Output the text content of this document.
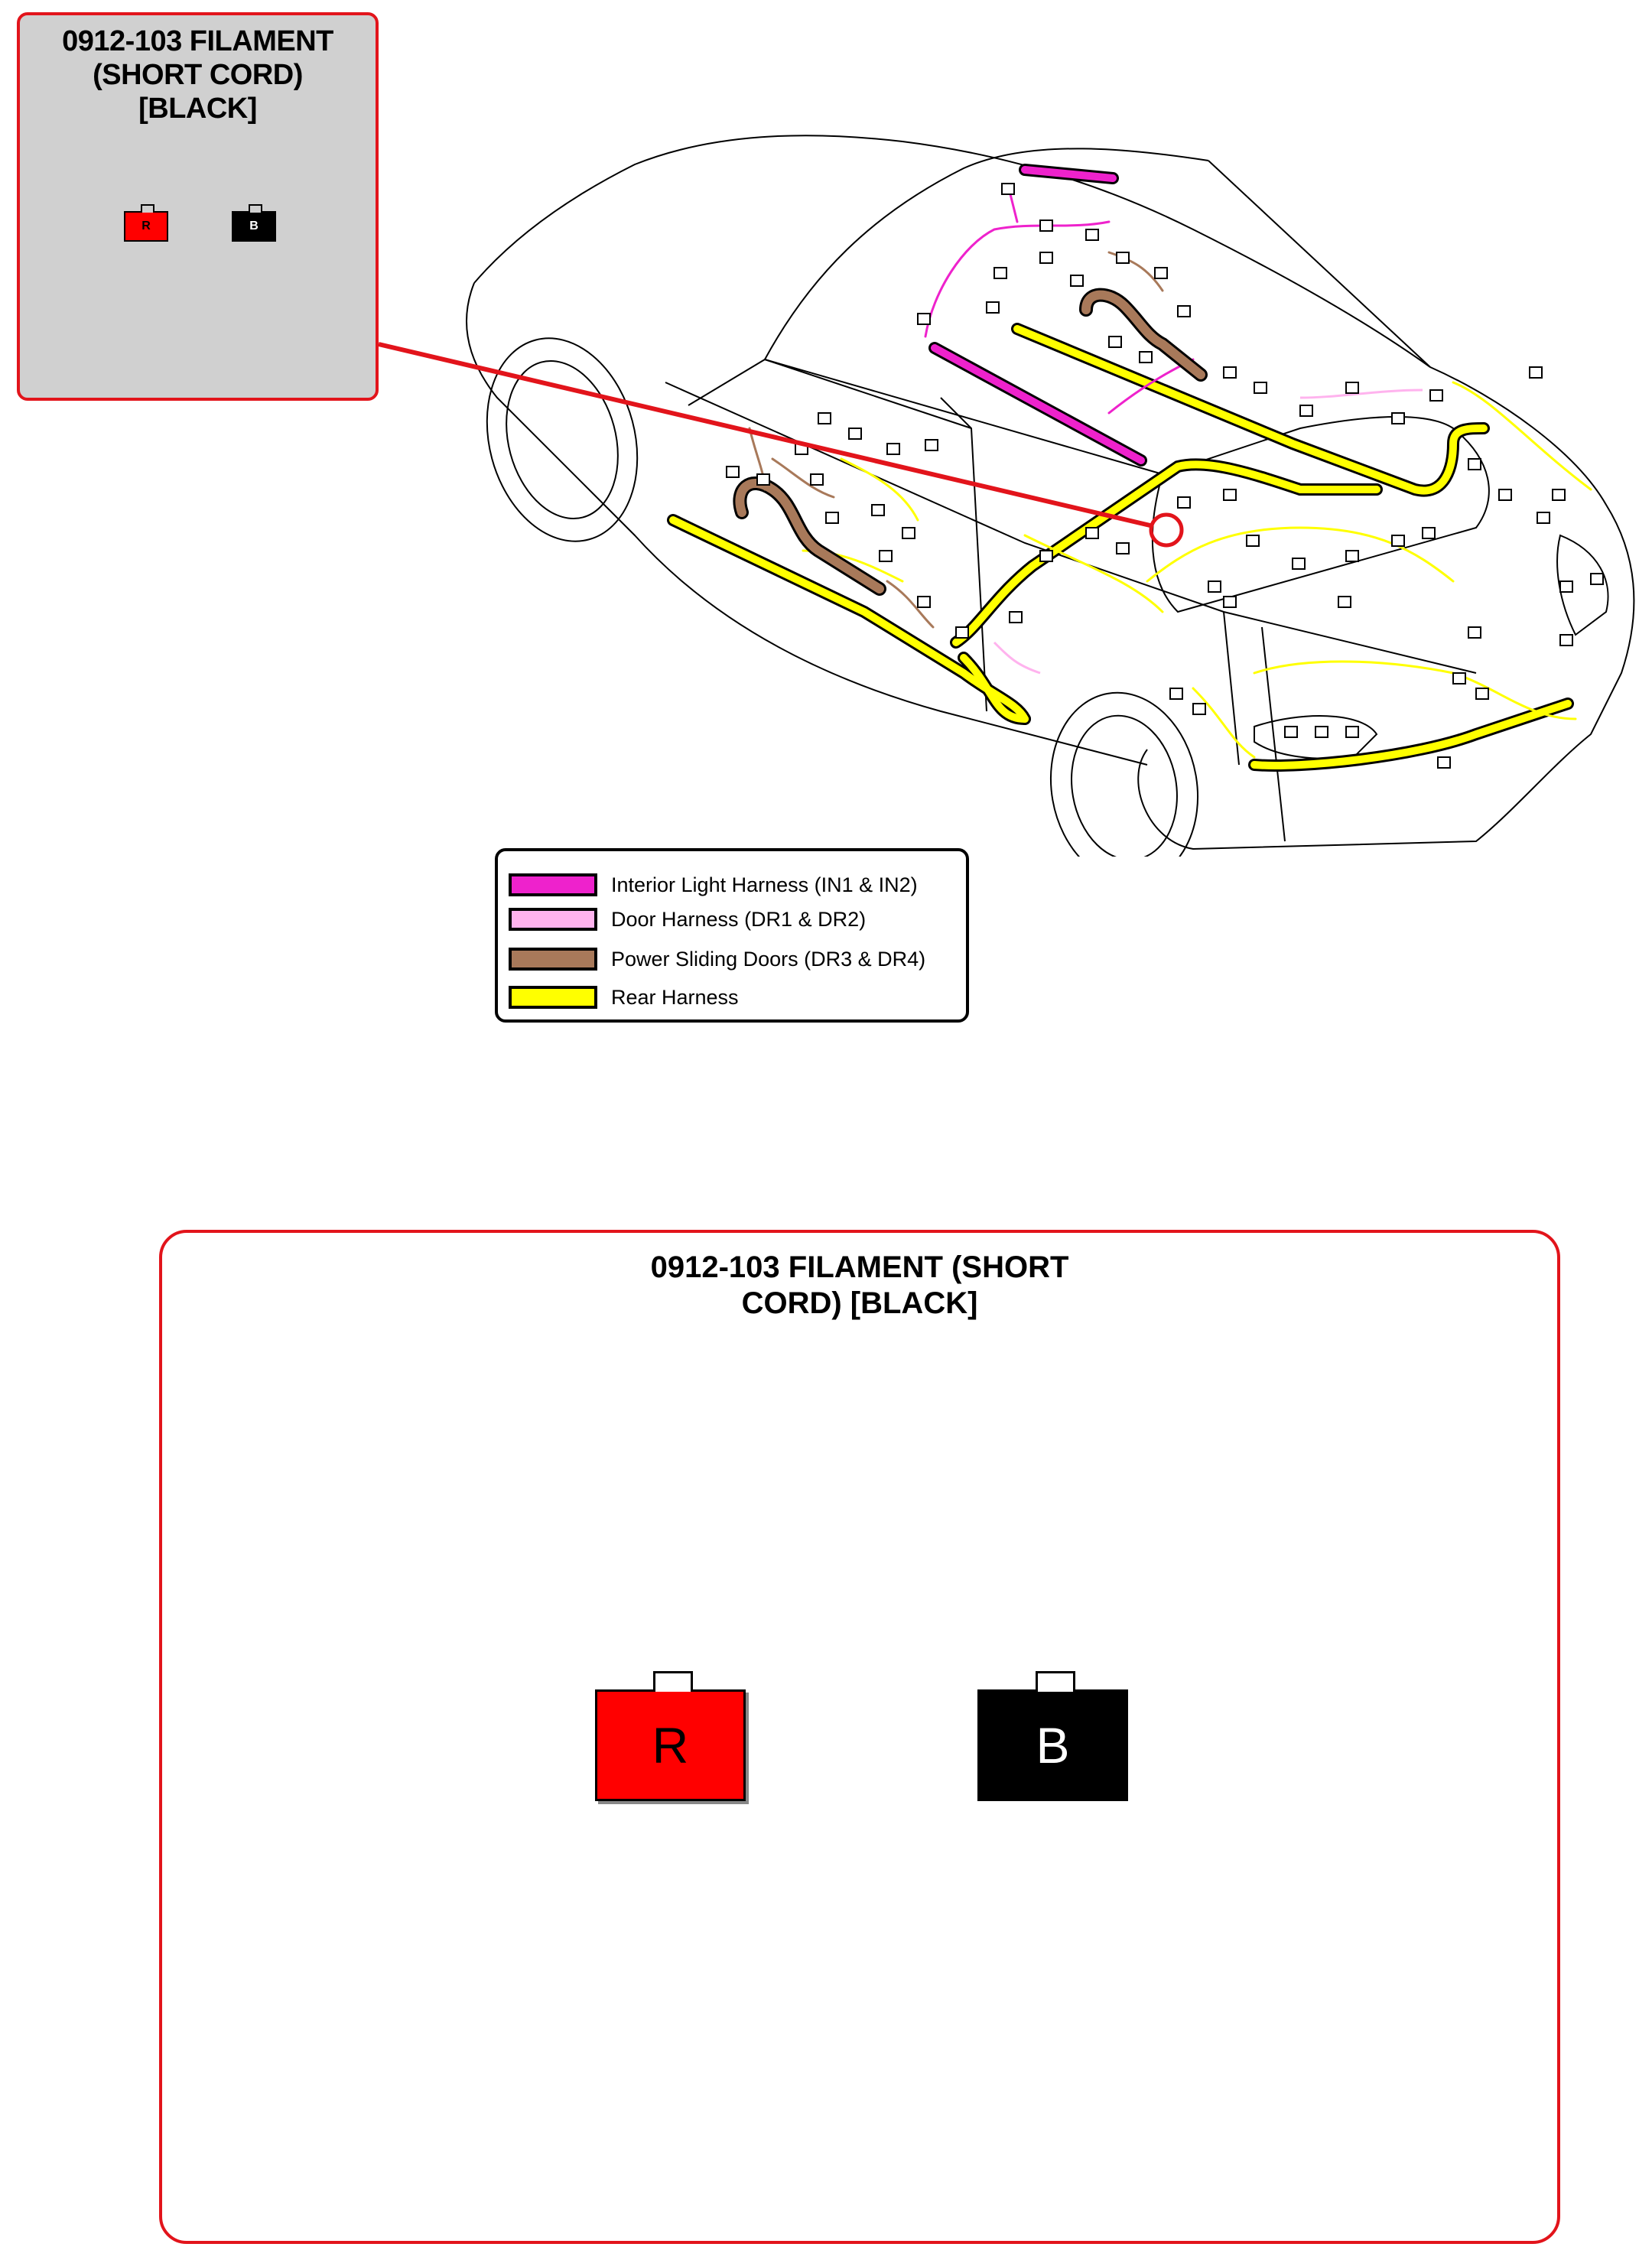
0912-103 FILAMENT
(SHORT CORD)
[BLACK]
R	B
Interior Light Harness (IN1 & IN2)
Door Harness (DR1 & DR2)
Power Sliding Doors (DR3 & DR4)
Rear Harness
0912-103 FILAMENT (SHORT
CORD) [BLACK]
R	B
